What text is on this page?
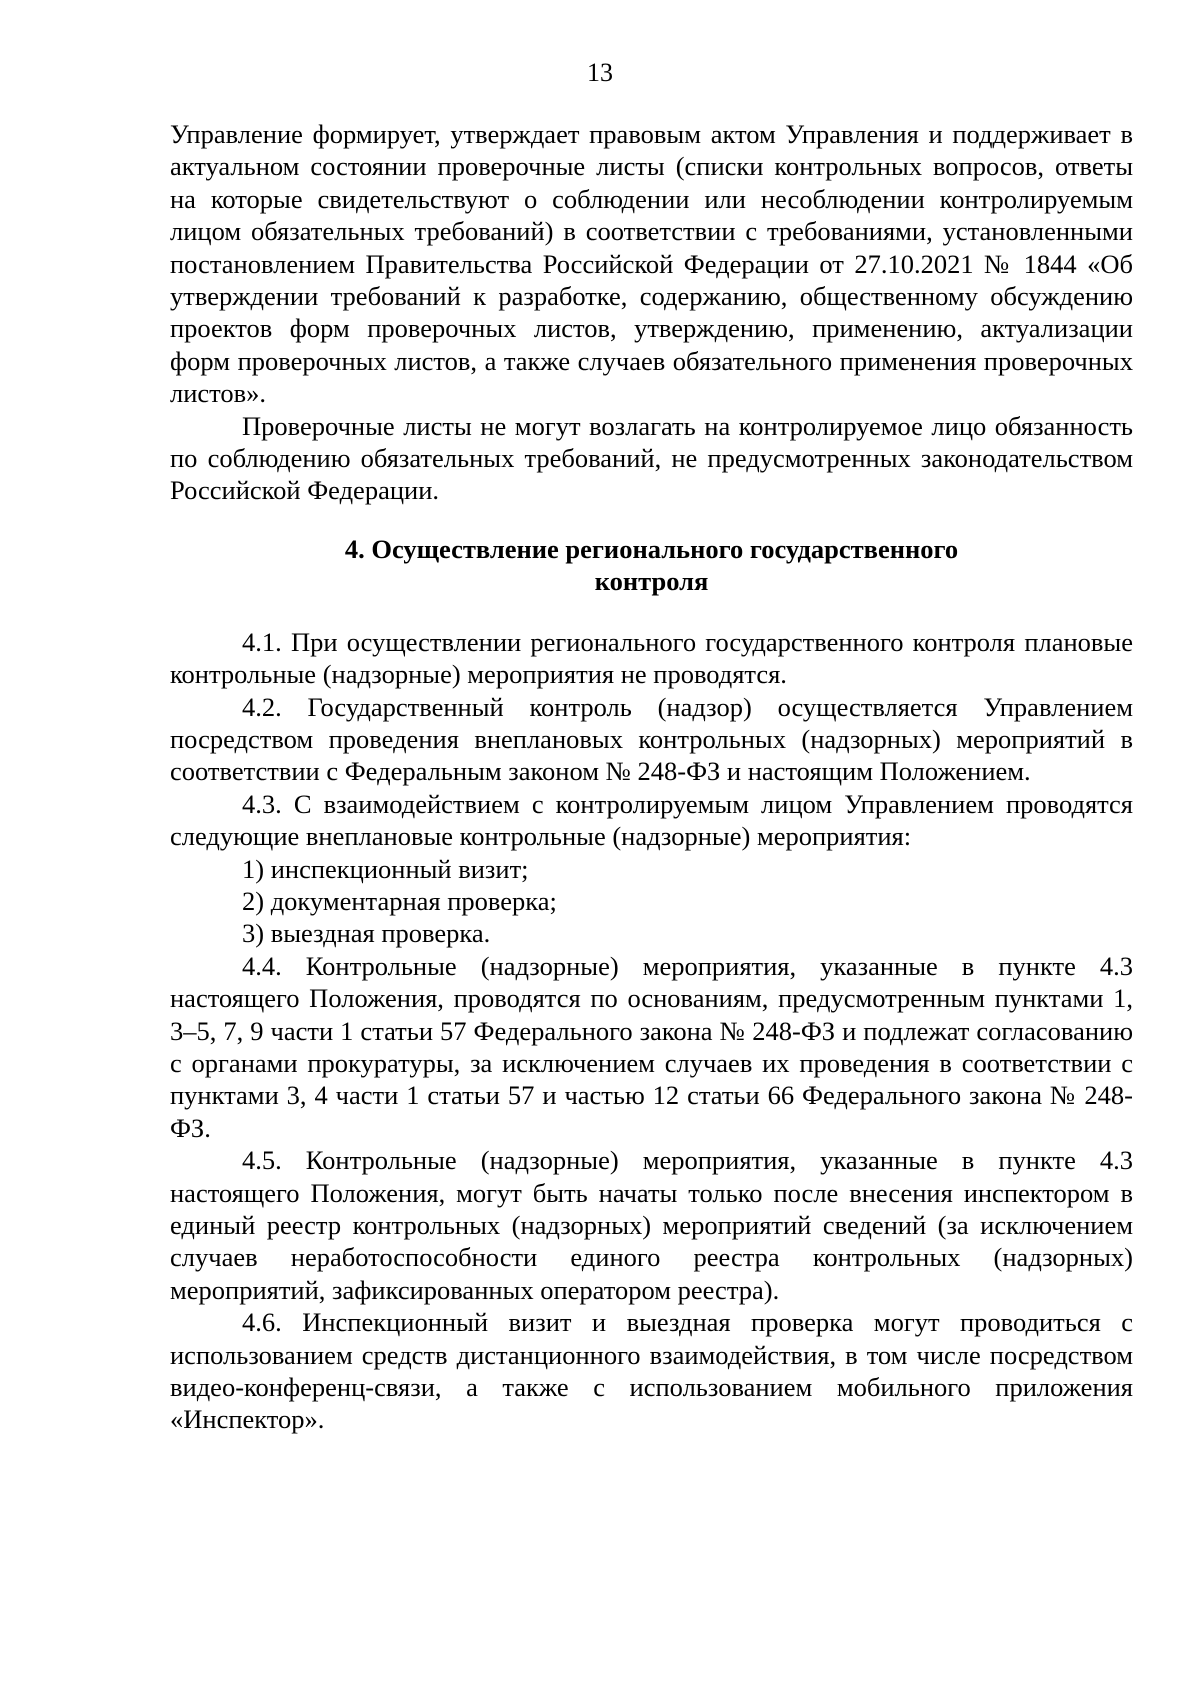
13

Управление формирует, утверждает правовым актом Управления и поддерживает в актуальном состоянии проверочные листы (списки контрольных вопросов, ответы на которые свидетельствуют о соблюдении или несоблюдении контролируемым лицом обязательных требований) в соответствии с требованиями, установленными постановлением Правительства Российской Федерации от 27.10.2021 № 1844 «Об утверждении требований к разработке, содержанию, общественному обсуждению проектов форм проверочных листов, утверждению, применению, актуализации форм проверочных листов, а также случаев обязательного применения проверочных листов».

Проверочные листы не могут возлагать на контролируемое лицо обязанность по соблюдению обязательных требований, не предусмотренных законодательством Российской Федерации.

4. Осуществление регионального государственного
контроля

4.1. При осуществлении регионального государственного контроля плановые контрольные (надзорные) мероприятия не проводятся.

4.2. Государственный контроль (надзор) осуществляется Управлением посредством проведения внеплановых контрольных (надзорных) мероприятий в соответствии с Федеральным законом № 248-ФЗ и настоящим Положением.

4.3. С взаимодействием с контролируемым лицом Управлением проводятся следующие внеплановые контрольные (надзорные) мероприятия:

1) инспекционный визит;

2) документарная проверка;

3) выездная проверка.

4.4. Контрольные (надзорные) мероприятия, указанные в пункте 4.3 настоящего Положения, проводятся по основаниям, предусмотренным пунктами 1, 3–5, 7, 9 части 1 статьи 57 Федерального закона № 248-ФЗ и подлежат согласованию с органами прокуратуры, за исключением случаев их проведения в соответствии с пунктами 3, 4 части 1 статьи 57 и частью 12 статьи 66 Федерального закона № 248-ФЗ.

4.5. Контрольные (надзорные) мероприятия, указанные в пункте 4.3 настоящего Положения, могут быть начаты только после внесения инспектором в единый реестр контрольных (надзорных) мероприятий сведений (за исключением случаев неработоспособности единого реестра контрольных (надзорных) мероприятий, зафиксированных оператором реестра).

4.6. Инспекционный визит и выездная проверка могут проводиться с использованием средств дистанционного взаимодействия, в том числе посредством видео-конференц-связи, а также с использованием мобильного приложения «Инспектор».
